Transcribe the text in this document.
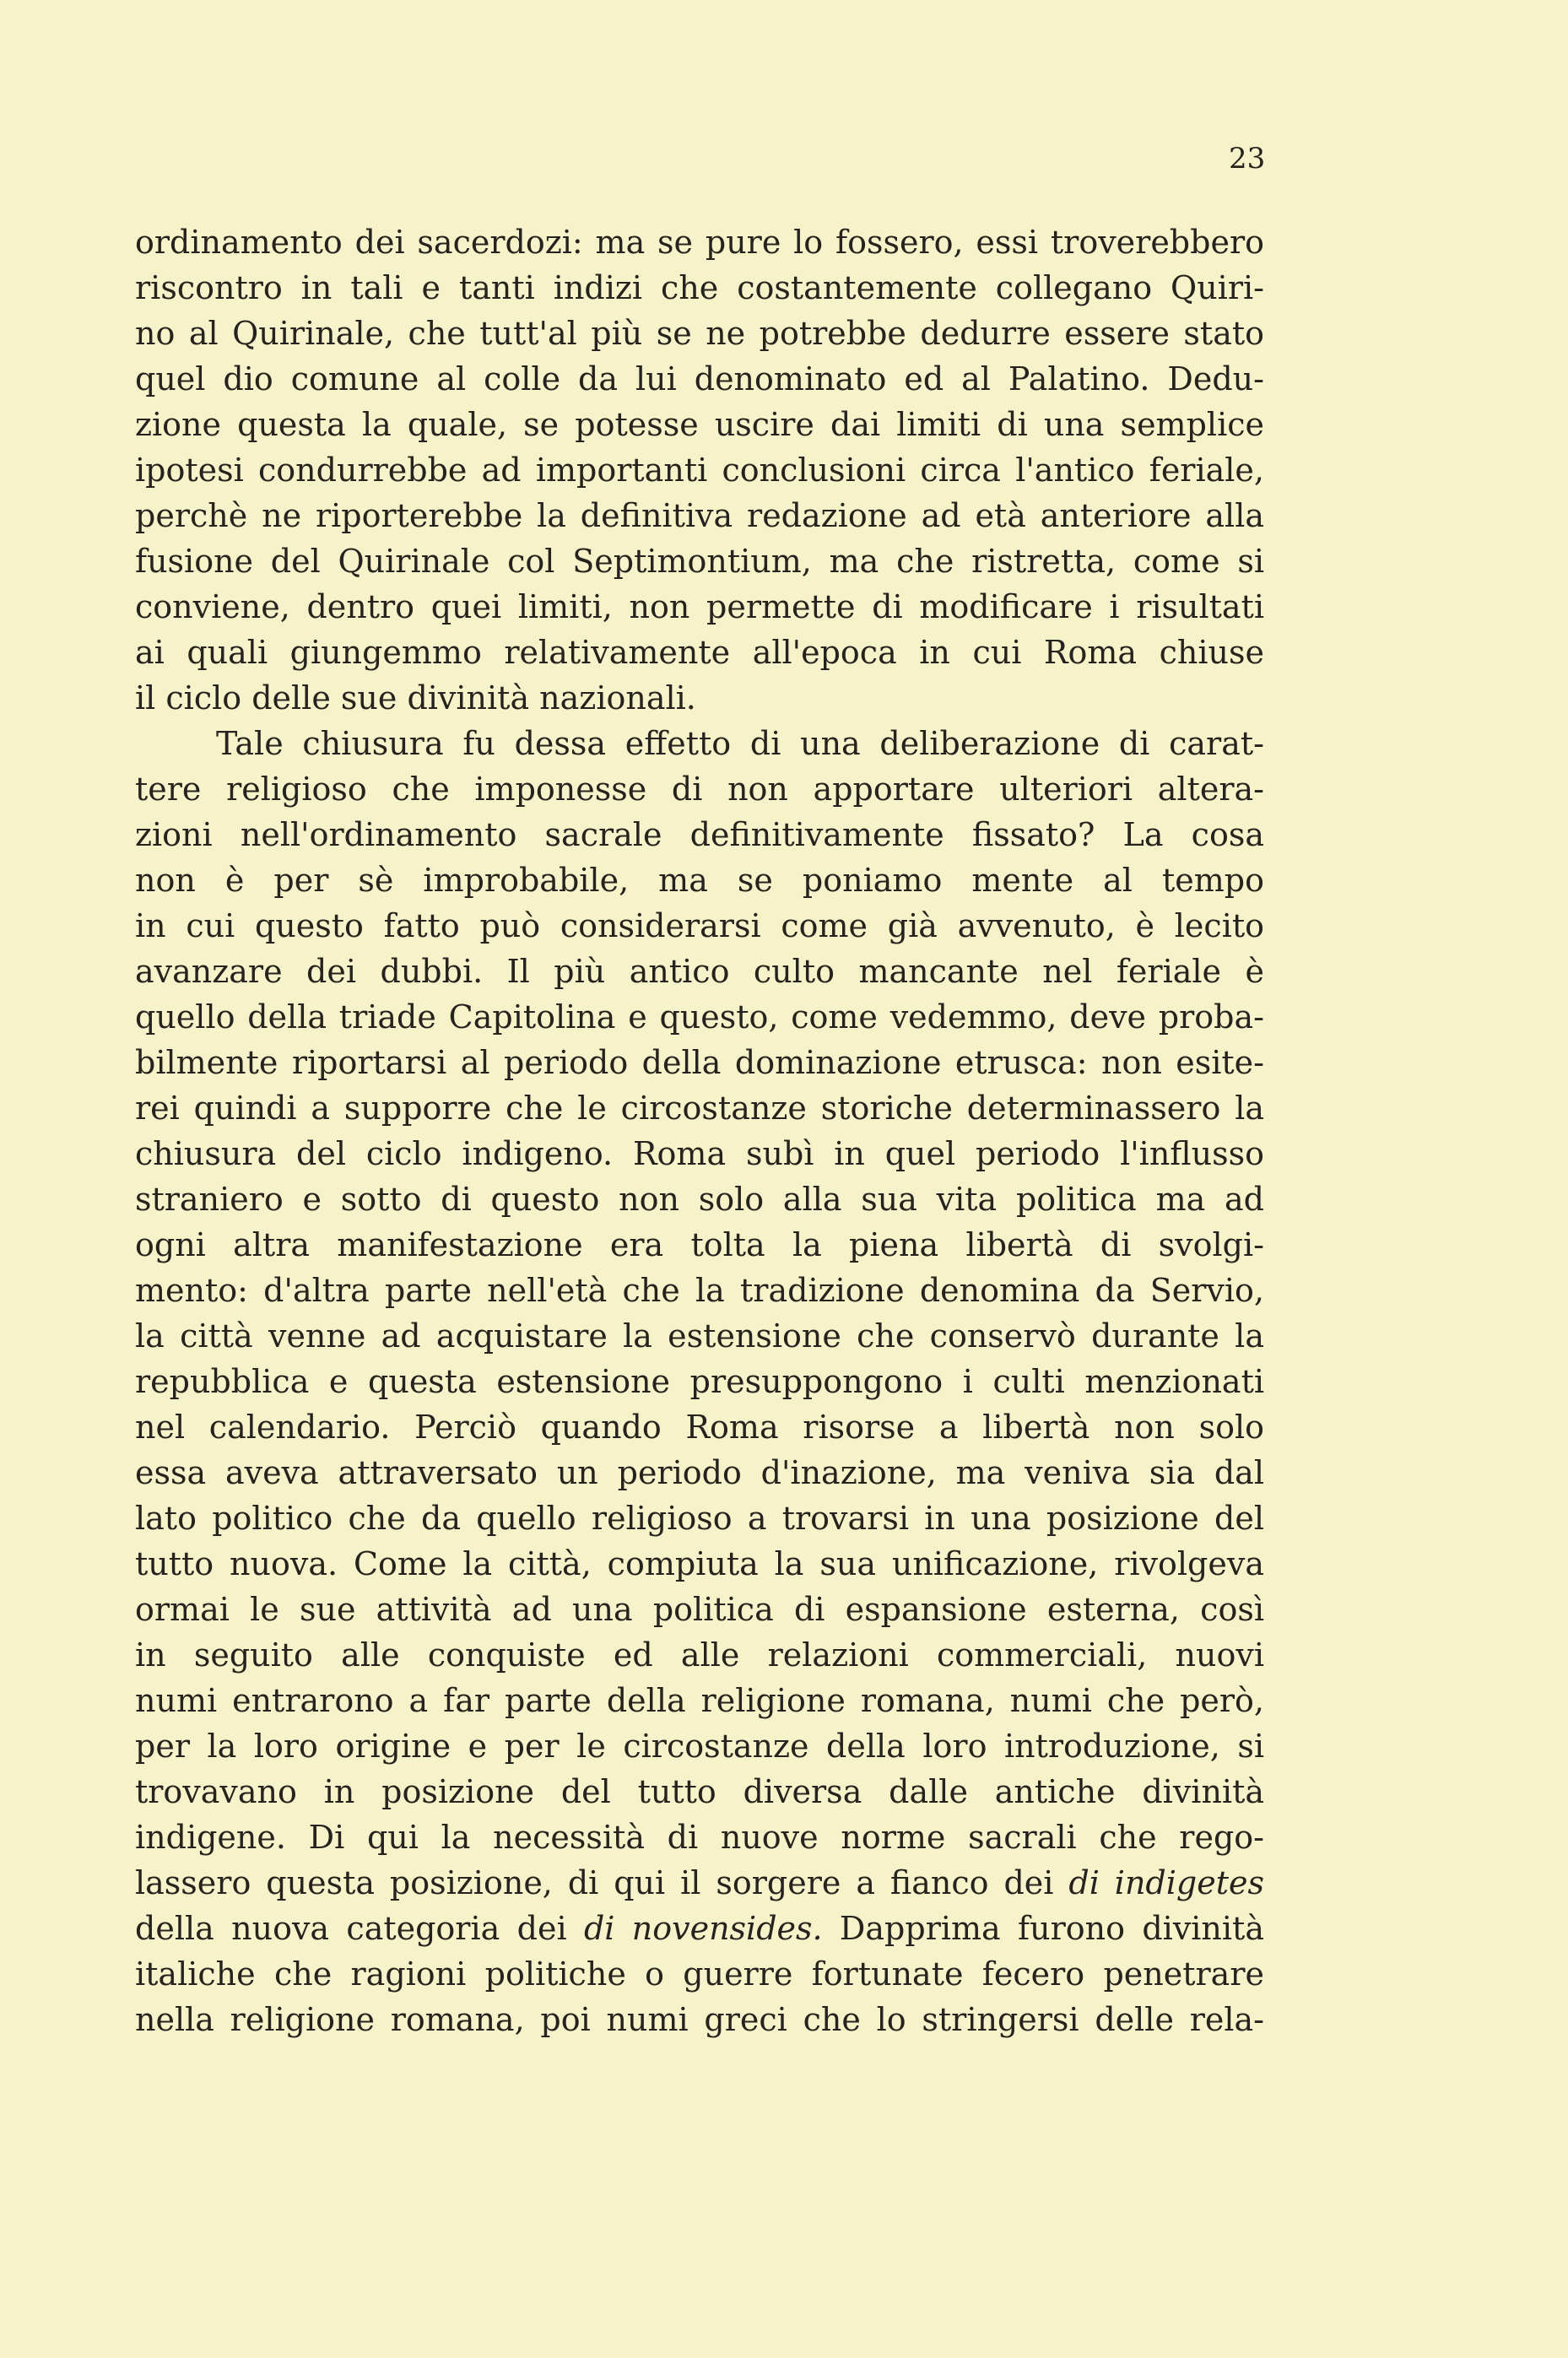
23
ordinamento dei sacerdozi: ma se pure lo fossero, essi troverebbero
riscontro in tali e tanti indizi che costantemente collegano Quiri-
no al Quirinale, che tutt'al più se ne potrebbe dedurre essere stato
quel dio comune al colle da lui denominato ed al Palatino. Dedu-
zione questa la quale, se potesse uscire dai limiti di una semplice
ipotesi condurrebbe ad importanti conclusioni circa l'antico feriale,
perchè ne riporterebbe la definitiva redazione ad età anteriore alla
fusione del Quirinale col Septimontium, ma che ristretta, come si
conviene, dentro quei limiti, non permette di modificare i risultati
ai quali giungemmo relativamente all'epoca in cui Roma chiuse
il ciclo delle sue divinità nazionali.
Tale chiusura fu dessa effetto di una deliberazione di carat-
tere religioso che imponesse di non apportare ulteriori altera-
zioni nell'ordinamento sacrale definitivamente fissato? La cosa
non è per sè improbabile, ma se poniamo mente al tempo
in cui questo fatto può considerarsi come già avvenuto, è lecito
avanzare dei dubbi. Il più antico culto mancante nel feriale è
quello della triade Capitolina e questo, come vedemmo, deve proba-
bilmente riportarsi al periodo della dominazione etrusca: non esite-
rei quindi a supporre che le circostanze storiche determinassero la
chiusura del ciclo indigeno. Roma subì in quel periodo l'influsso
straniero e sotto di questo non solo alla sua vita politica ma ad
ogni altra manifestazione era tolta la piena libertà di svolgi-
mento: d'altra parte nell'età che la tradizione denomina da Servio,
la città venne ad acquistare la estensione che conservò durante la
repubblica e questa estensione presuppongono i culti menzionati
nel calendario. Perciò quando Roma risorse a libertà non solo
essa aveva attraversato un periodo d'inazione, ma veniva sia dal
lato politico che da quello religioso a trovarsi in una posizione del
tutto nuova. Come la città, compiuta la sua unificazione, rivolgeva
ormai le sue attività ad una politica di espansione esterna, così
in seguito alle conquiste ed alle relazioni commerciali, nuovi
numi entrarono a far parte della religione romana, numi che però,
per la loro origine e per le circostanze della loro introduzione, si
trovavano in posizione del tutto diversa dalle antiche divinità
indigene. Di qui la necessità di nuove norme sacrali che rego-
lassero questa posizione, di qui il sorgere a fianco dei di indigetes
della nuova categoria dei di novensides. Dapprima furono divinità
italiche che ragioni politiche o guerre fortunate fecero penetrare
nella religione romana, poi numi greci che lo stringersi delle rela-
